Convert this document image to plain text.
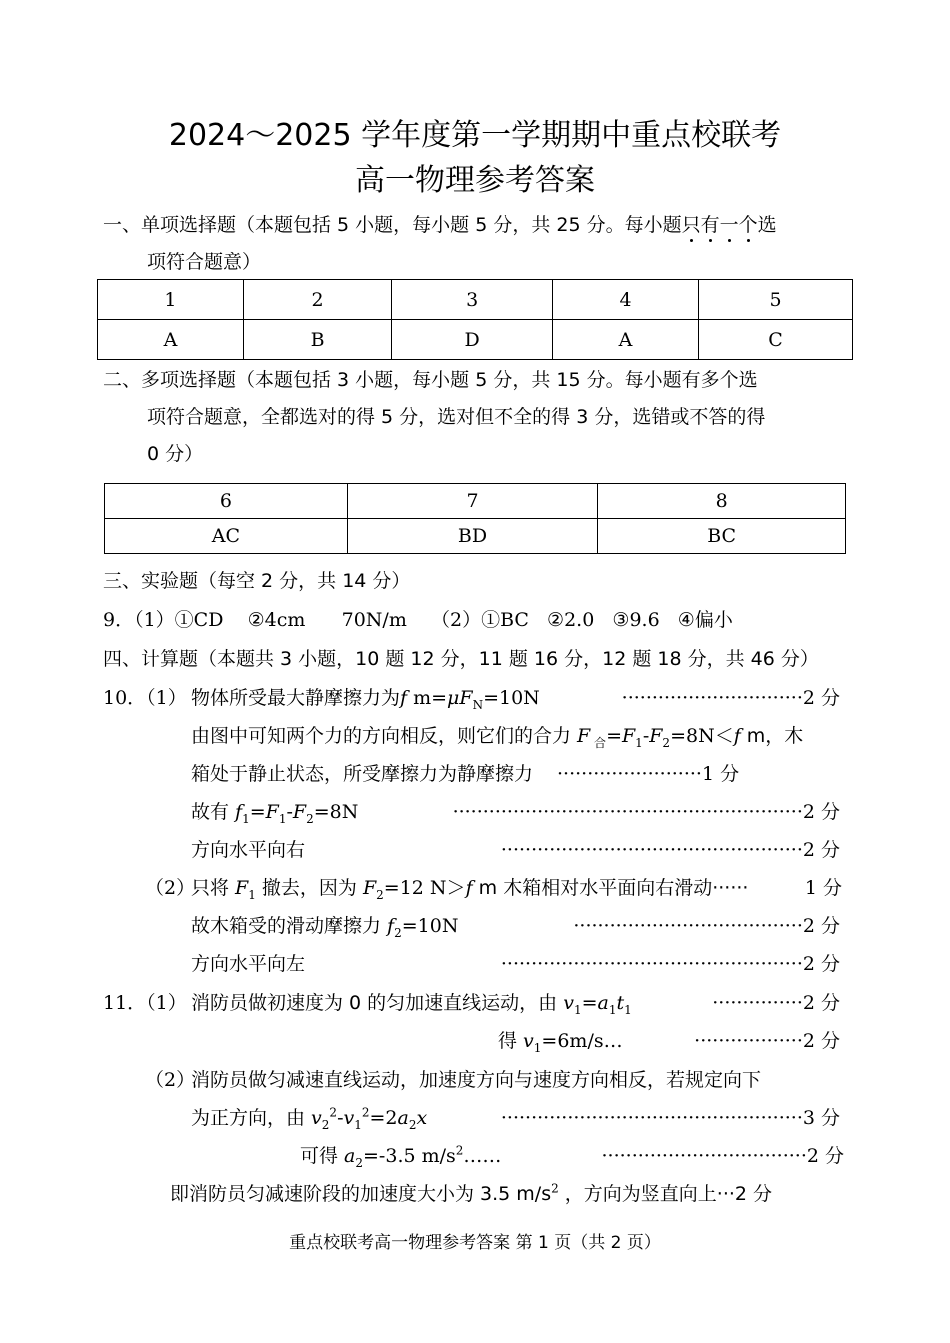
2024～2025 学年度第一学期期中重点校联考
高一物理参考答案
一、单项选择题（本题包括 5 小题，每小题 5 分，共 25 分。每小题只有一个选
项符合题意）
1	2	3	4	5
A	B	D	A	C
二、多项选择题（本题包括 3 小题，每小题 5 分，共 15 分。每小题有多个选
项符合题意，全都选对的得 5 分，选对但不全的得 3 分，选错或不答的得
0 分）
6	7	8
AC	BD	BC
三、实验题（每空 2 分，共 14 分）
9．（1）①CD    ②4cm      70N/m    （2）①BC   ②2.0   ③9.6   ④偏小
四、计算题（本题共 3 小题，10 题 12 分，11 题 16 分，12 题 18 分，共 46 分）
10．（1） 物体所受最大静摩擦力为f $m=\mu F_N=10N$	······························2 分
由图中可知两个力的方向相反，则它们的合力 F $_合=F_1-F_2=8N<f$ m，木
箱处于静止状态，所受摩擦力为静摩擦力 ························1 分
故有 $f_1=F_1-F_2=8N$	··························································2 分
方向水平向右	··················································2 分
（2）
只将 $F_1$ 撤去，因为 $F_2=12$ N＞f m 木箱相对水平面向右滑动······	1 分
故木箱受的滑动摩擦力 $f_2=10N$	······································2 分
方向水平向左	··················································2 分
11．（1） 消防员做初速度为 0 的匀加速直线运动，由 $v_1=a_1t_1$	···············2 分
得 $v_1=6m/s\dots$	··················2 分
（2）
消防员做匀减速直线运动，加速度方向与速度方向相反，若规定向下
为正方向，由 $v_2^2-v_1^2=2a_2x$	··················································3 分
可得 $a_2=-3.5$ $m/s^2\dots\dots$	··································2 分
即消防员匀减速阶段的加速度大小为 3.5 $m/s^2$ ，方向为竖直向上···2 分
重点校联考高一物理参考答案 第 1 页（共 2 页）
